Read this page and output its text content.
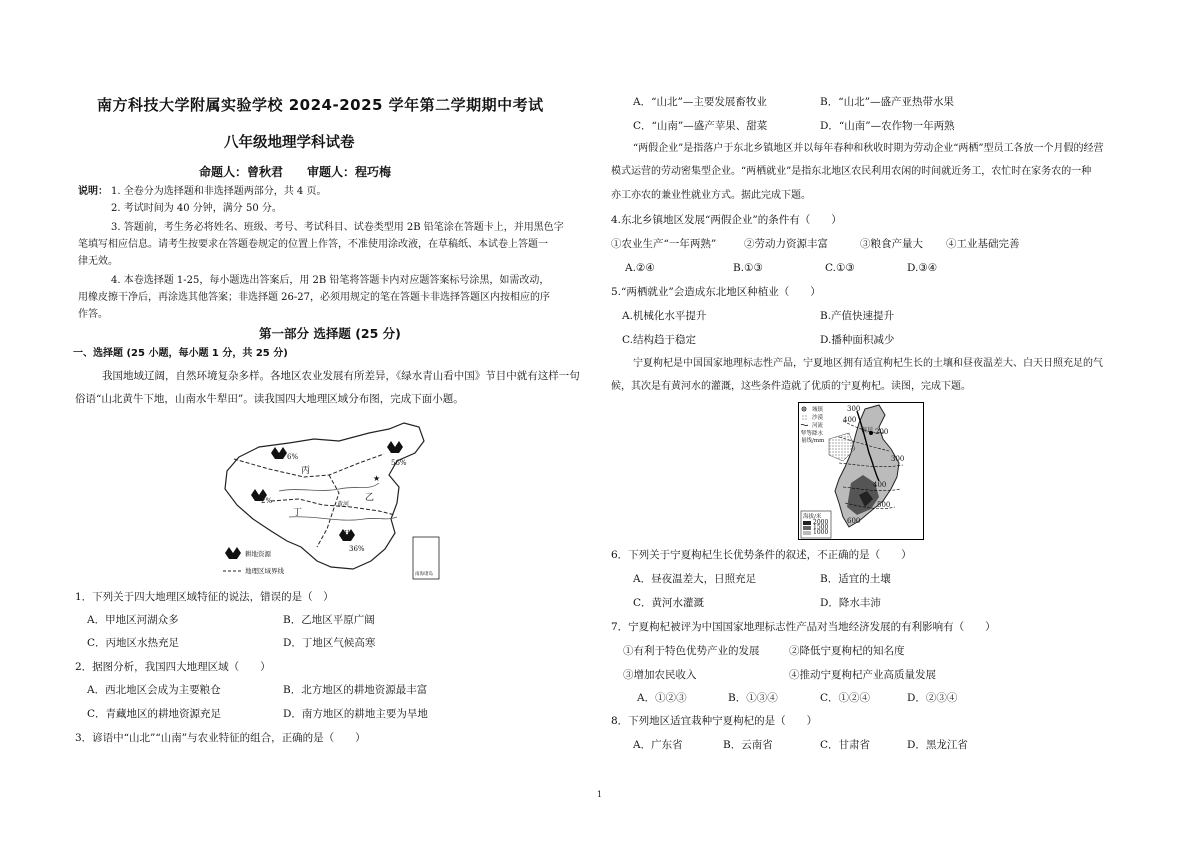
南方科技大学附属实验学校 2024-2025 学年第二学期期中考试
八年级地理学科试卷
命题人：曾秋君　　审题人：程巧梅
说明： 1. 全卷分为选择题和非选择题两部分，共 4 页。
2. 考试时间为 40 分钟，满分 50 分。
3. 答题前，考生务必将姓名、班级、考号、考试科目、试卷类型用 2B 铅笔涂在答题卡上，并用黑色字
笔填写相应信息。请考生按要求在答题卷规定的位置上作答，不准使用涂改液，在草稿纸、本试卷上答题一
律无效。
4. 本卷选择题 1-25，每小题选出答案后，用 2B 铅笔将答题卡内对应题答案标号涂黑，如需改动，
用橡皮擦干净后，再涂选其他答案；非选择题 26-27，必须用规定的笔在答题卡非选择答题区内按相应的序
作答。
第一部分 选择题 (25 分)
一、选择题 (25 小题，每小题 1 分，共 25 分)
我国地域辽阔，自然环境复杂多样。各地区农业发展有所差异，《绿水青山看中国》节目中就有这样一句
俗语“山北黄牛下地，山南水牛犁田”。读我国四大地理区域分布图，完成下面小题。
★
6%
56%
2%
36%
丙
乙
丁
甲
黄河
耕地资源
地理区域界线	南海诸岛
1．下列关于四大地理区域特征的说法，错误的是（　）
A．甲地区河湖众多	B．乙地区平原广阔
C．丙地区水热充足	D．丁地区气候高寒
2．据图分析，我国四大地理区域（　　）
A．西北地区会成为主要粮仓	B．北方地区的耕地资源最丰富
C．青藏地区的耕地资源充足	D．南方地区的耕地主要为旱地
3．谚语中“山北”“山南”与农业特征的组合，正确的是（　　）
A．“山北”—主要发展畜牧业	B．“山北”—盛产亚热带水果
C．“山南”—盛产苹果、甜菜	D．“山南”—农作物一年两熟
“两假企业”是指落户于东北乡镇地区并以每年春种和秋收时期为劳动企业“两栖”型员工各放一个月假的经营
模式运营的劳动密集型企业。“两栖就业”是指东北地区农民利用农闲的时间就近务工，农忙时在家务农的一种
亦工亦农的兼业性就业方式。据此完成下题。
4.东北乡镇地区发展“两假企业”的条件有（　　）
①农业生产“一年两熟”	②劳动力资源丰富	③粮食产量大 ④工业基础完善
A.②④	B.①③	C.①③	D.③④
5.“两栖就业”会造成东北地区种植业（　　）
A.机械化水平提升	B.产值快速提升
C.结构趋于稳定	D.播种面积减少
宁夏枸杞是中国国家地理标志性产品，宁夏地区拥有适宜枸杞生长的土壤和昼夜温差大、白天日照充足的气
候，其次是有黄河水的灌溉，这些条件造就了优质的宁夏枸杞。读图，完成下题。
城镇
沙漠
河流
年等降水
量线/mm
300
400
200
银川
300
400
500
600
海拔/米
2000
1500
1000
6．下列关于宁夏枸杞生长优势条件的叙述，不正确的是（　　）
A．昼夜温差大，日照充足	B．适宜的土壤
C．黄河水灌溉	D．降水丰沛
7．宁夏枸杞被评为中国国家地理标志性产品对当地经济发展的有利影响有（　　）
①有利于特色优势产业的发展	②降低宁夏枸杞的知名度
③增加农民收入	④推动宁夏枸杞产业高质量发展
A．①②③	B．①③④	C．①②④	D．②③④
8．下列地区适宜栽种宁夏枸杞的是（　　）
A．广东省	B．云南省	C．甘肃省	D．黑龙江省
1
